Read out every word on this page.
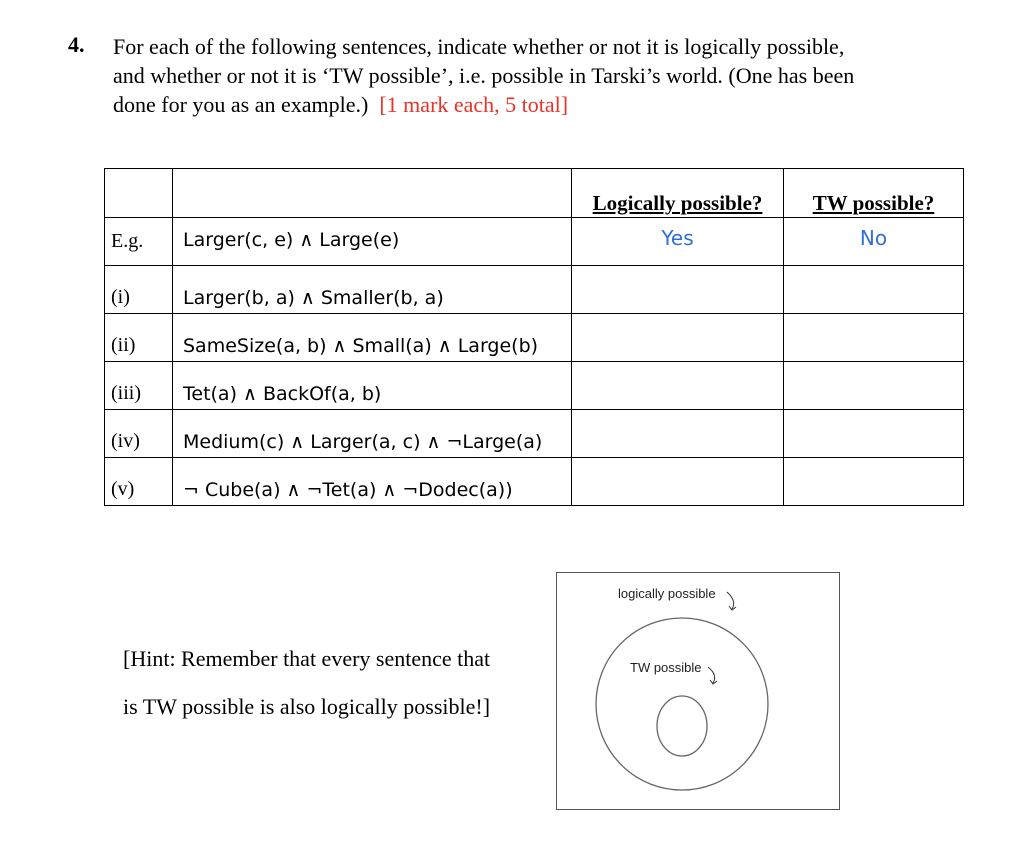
4. For each of the following sentences, indicate whether or not it is logically possible,
and whether or not it is ‘TW possible’, i.e. possible in Tarski’s world. (One has been
done for you as an example.) [1 mark each, 5 total]
		Logically possible?	TW possible?
E.g.	Larger(c, e) ∧ Large(e)	Yes	No
(i)	Larger(b, a) ∧ Smaller(b, a)		
(ii)	SameSize(a, b) ∧ Small(a) ∧ Large(b)		
(iii)	Tet(a) ∧ BackOf(a, b)		
(iv)	Medium(c) ∧ Larger(a, c) ∧ ¬Large(a)		
(v)	¬ Cube(a) ∧ ¬Tet(a) ∧ ¬Dodec(a))		
[Hint: Remember that every sentence that
is TW possible is also logically possible!]
logically possible
TW possible
